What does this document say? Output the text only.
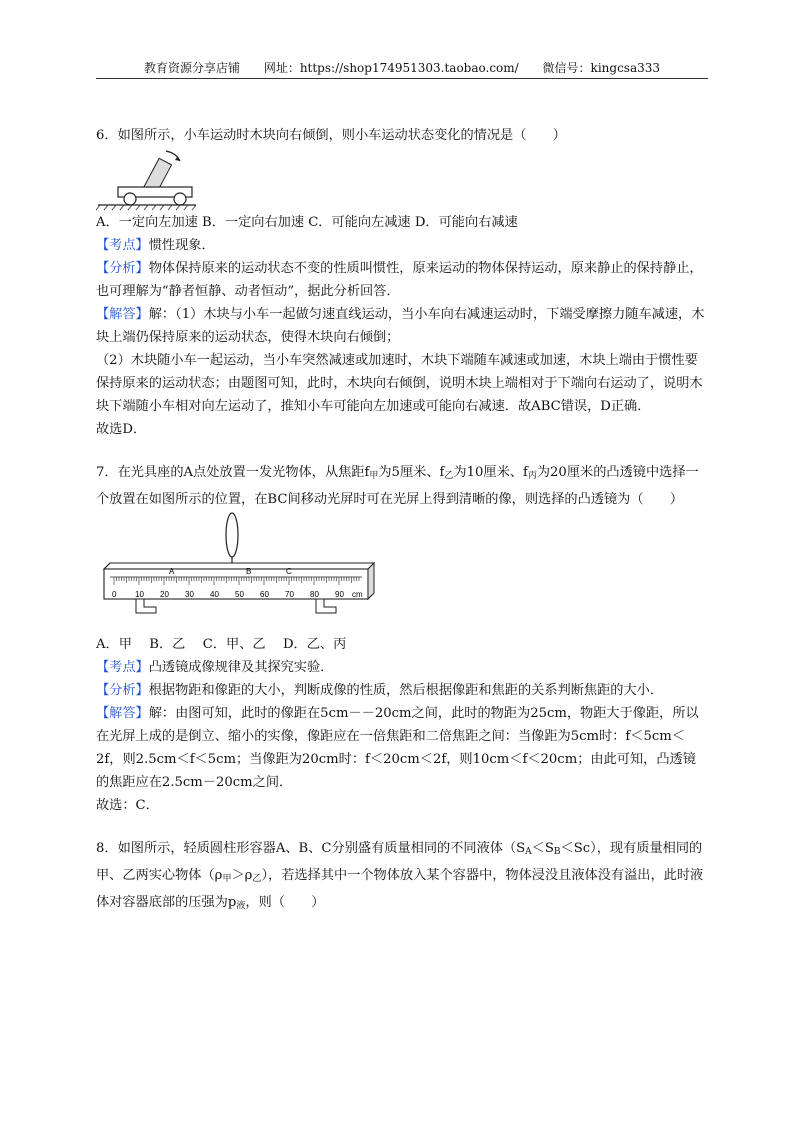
教育资源分享店铺 网址：https://shop174951303.taobao.com/ 微信号：kingcsa333

6．如图所示，小车运动时木块向右倾倒，则小车运动状态变化的情况是（　　）

A．一定向左加速 B．一定向右加速 C．可能向左减速 D．可能向右减速

【考点】惯性现象．

【分析】物体保持原来的运动状态不变的性质叫惯性，原来运动的物体保持运动，原来静止的保持静止，也可理解为“静者恒静、动者恒动”，据此分析回答．

【解答】解：（1）木块与小车一起做匀速直线运动，当小车向右减速运动时，下端受摩擦力随车减速，木块上端仍保持原来的运动状态，使得木块向右倾倒；

（2）木块随小车一起运动，当小车突然减速或加速时，木块下端随车减速或加速，木块上端由于惯性要保持原来的运动状态；由题图可知，此时，木块向右倾倒，说明木块上端相对于下端向右运动了，说明木块下端随小车相对向左运动了，推知小车可能向左加速或可能向右减速．故ABC错误，D正确．

故选D．

7．在光具座的A点处放置一发光物体，从焦距$f_甲$为5厘米、$f_乙$为10厘米、$f_丙$为20厘米的凸透镜中选择一个放置在如图所示的位置，在BC间移动光屏时可在光屏上得到清晰的像，则选择的凸透镜为（　　）

A	B	C
0 10 20 30 40 50 60 70 80 90 cm

A．甲　 B．乙　 C．甲、乙　 D．乙、丙

【考点】凸透镜成像规律及其探究实验．

【分析】根据物距和像距的大小，判断成像的性质，然后根据像距和焦距的关系判断焦距的大小．

【解答】解：由图可知，此时的像距在5cm－－20cm之间，此时的物距为25cm，物距大于像距，所以在光屏上成的是倒立、缩小的实像，像距应在一倍焦距和二倍焦距之间：当像距为5cm时：f＜5cm＜2f，则2.5cm＜f＜5cm；当像距为20cm时：f＜20cm＜2f，则10cm＜f＜20cm；由此可知，凸透镜的焦距应在2.5cm－20cm之间．

故选：C．

8．如图所示，轻质圆柱形容器A、B、C分别盛有质量相同的不同液体$(S_A<S_B<Sc)$，现有质量相同的甲、乙两实心物体$(\rho_甲>\rho_乙)$，若选择其中一个物体放入某个容器中，物体浸没且液体没有溢出，此时液体对容器底部的压强为$p_液$，则（　　）
